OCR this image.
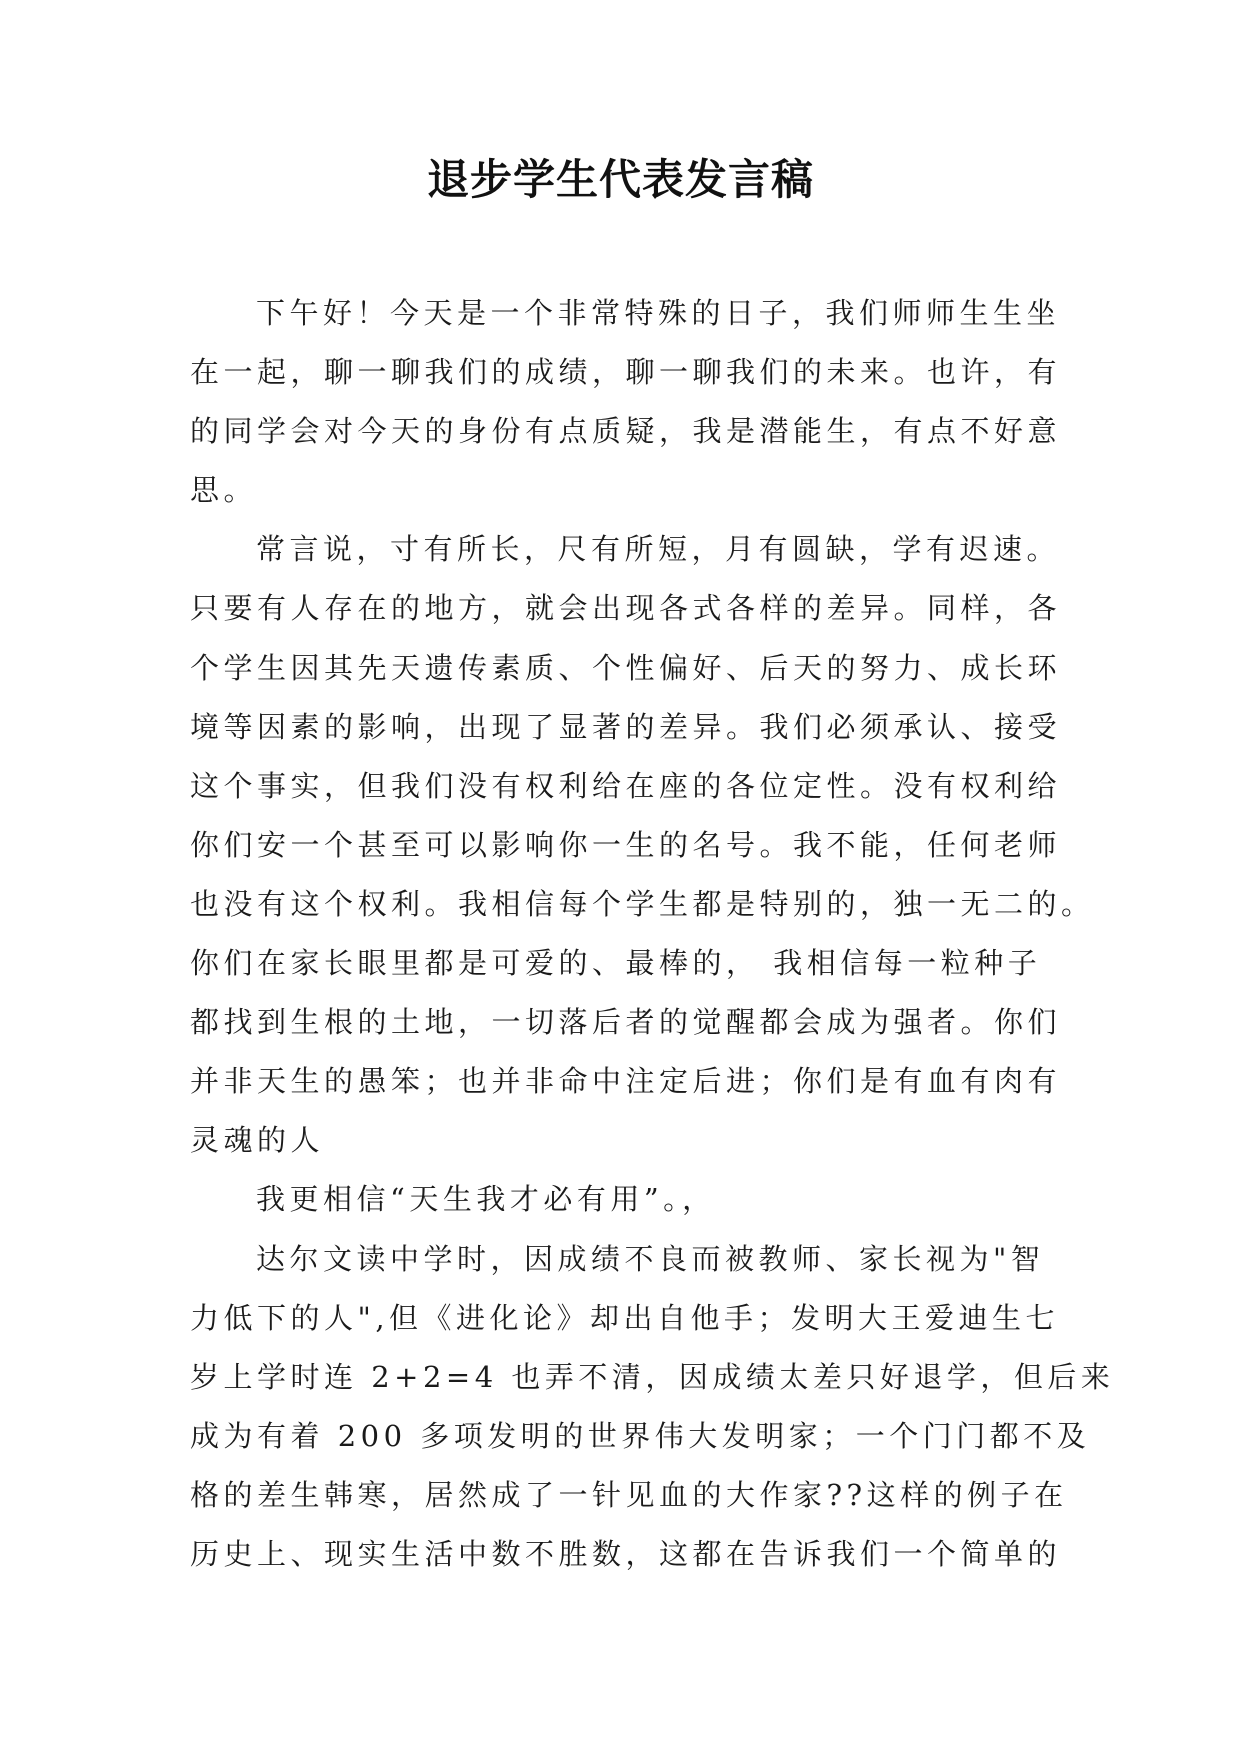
退步学生代表发言稿
下午好！今天是一个非常特殊的日子，我们师师生生坐
在一起，聊一聊我们的成绩，聊一聊我们的未来。也许，有
的同学会对今天的身份有点质疑，我是潜能生，有点不好意
思。
常言说，寸有所长，尺有所短，月有圆缺，学有迟速。
只要有人存在的地方，就会出现各式各样的差异。同样，各
个学生因其先天遗传素质、个性偏好、后天的努力、成长环
境等因素的影响，出现了显著的差异。我们必须承认、接受
这个事实，但我们没有权利给在座的各位定性。没有权利给
你们安一个甚至可以影响你一生的名号。我不能，任何老师
也没有这个权利。我相信每个学生都是特别的，独一无二的。
你们在家长眼里都是可爱的、最棒的， 我相信每一粒种子
都找到生根的土地，一切落后者的觉醒都会成为强者。你们
并非天生的愚笨；也并非命中注定后进；你们是有血有肉有
灵魂的人
我更相信“天生我才必有用”。，
达尔文读中学时，因成绩不良而被教师、家长视为"智
力低下的人",但《进化论》却出自他手；发明大王爱迪生七
岁上学时连 2+2=4 也弄不清，因成绩太差只好退学，但后来
成为有着 200 多项发明的世界伟大发明家；一个门门都不及
格的差生韩寒，居然成了一针见血的大作家??这样的例子在
历史上、现实生活中数不胜数，这都在告诉我们一个简单的
